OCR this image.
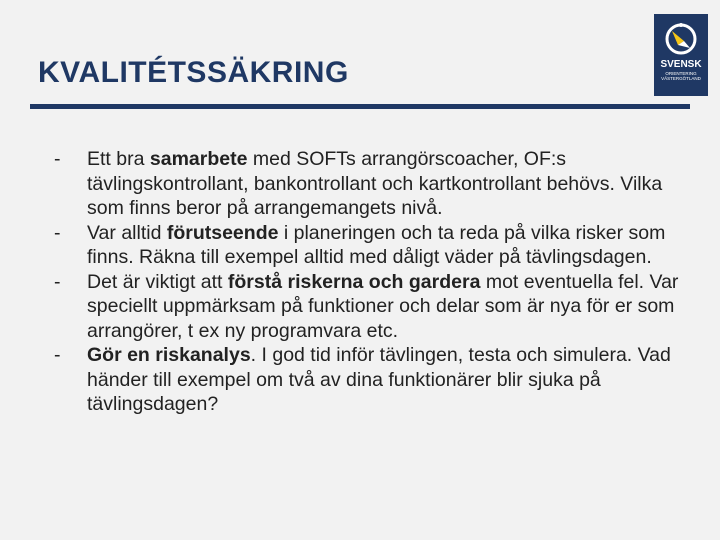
KVALITÉTSSÄKRING	SVENSK
ORIENTERING
VÄSTERGÖTLAND
- Ett bra samarbete med SOFTs arrangörscoacher, OF:s tävlingskontrollant, bankontrollant och kartkontrollant behövs. Vilka som finns beror på arrangemangets nivå.
- Var alltid förutseende i planeringen och ta reda på vilka risker som finns. Räkna till exempel alltid med dåligt väder på tävlingsdagen.
- Det är viktigt att förstå riskerna och gardera mot eventuella fel. Var speciellt uppmärksam på funktioner och delar som är nya för er som arrangörer, t ex ny programvara etc.
- Gör en riskanalys. I god tid inför tävlingen, testa och simulera. Vad händer till exempel om två av dina funktionärer blir sjuka på tävlingsdagen?
